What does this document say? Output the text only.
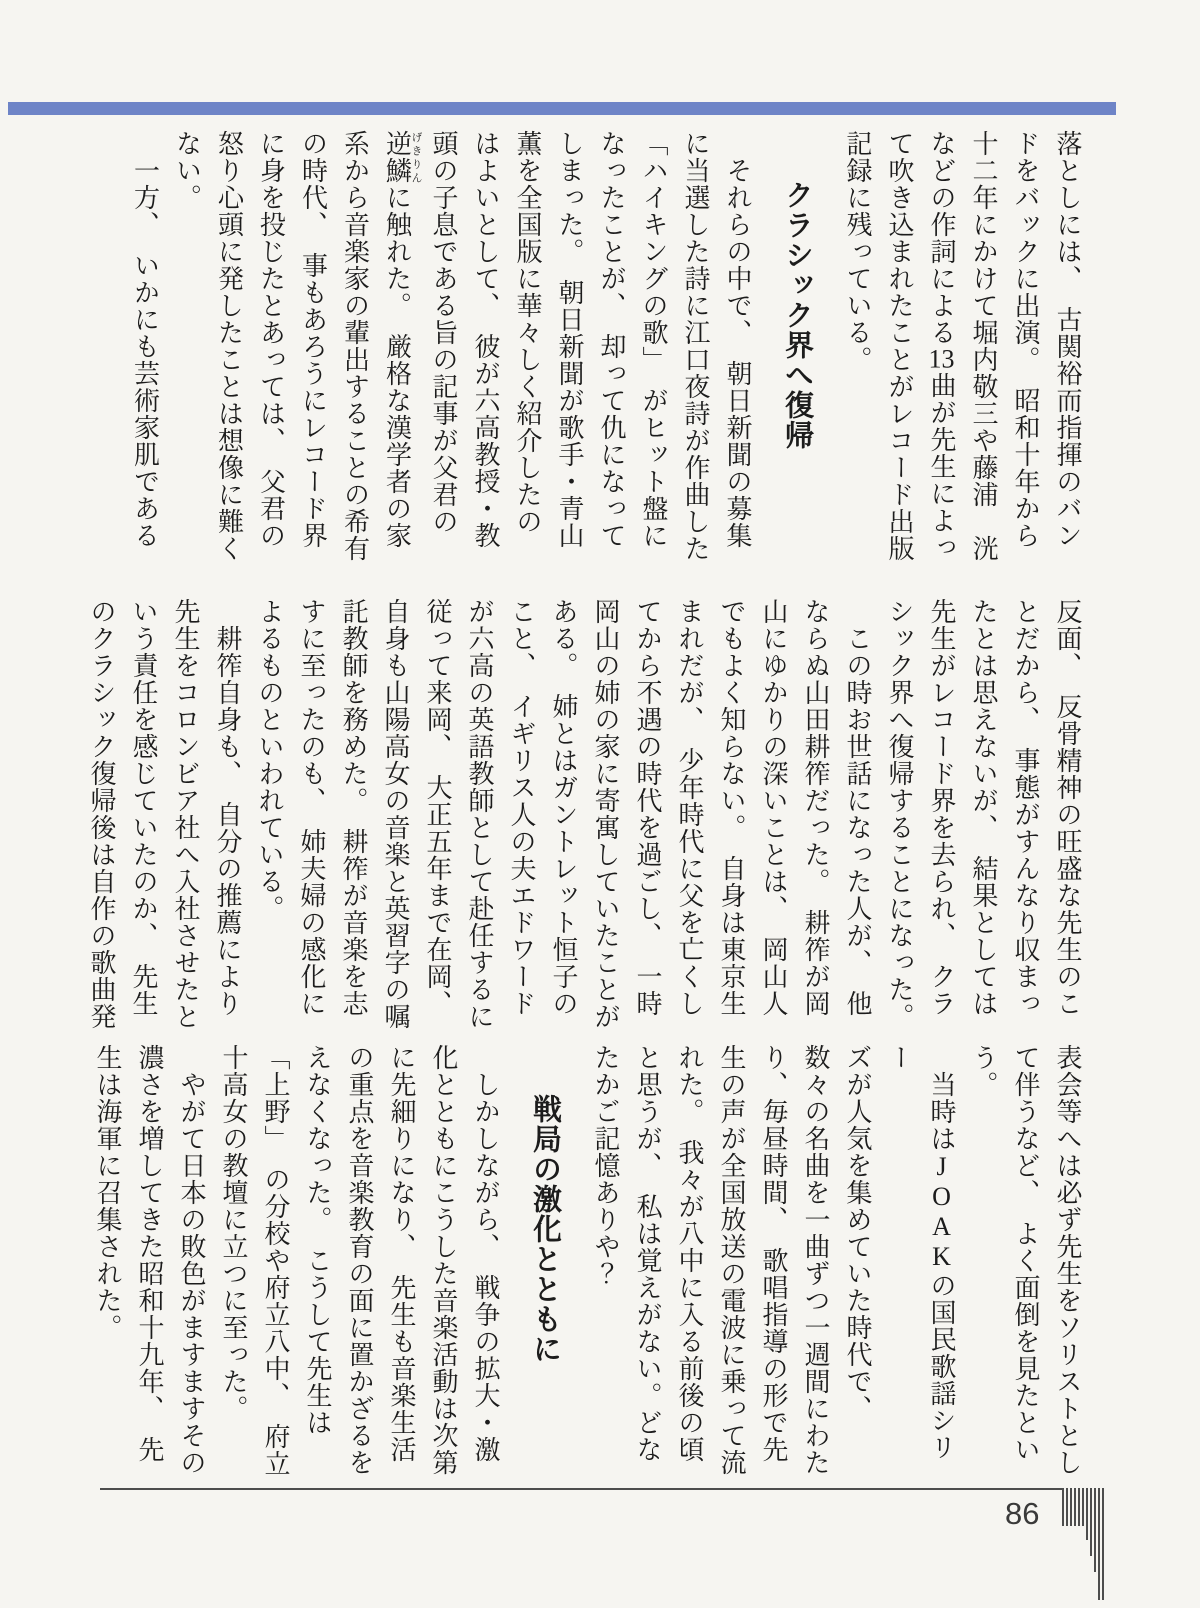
落としには、　古関裕而指揮のバン

ドをバックに出演。　昭和十年から

十二年にかけて堀内敬三や藤浦　洸

などの作詞による13曲が先生によっ

て吹き込まれたことがレコード出版

記録に残っている。

クラシック界へ復帰

　それらの中で、　朝日新聞の募集

に当選した詩に江口夜詩が作曲した

「ハイキングの歌」　がヒット盤に

なったことが、　却って仇になって

しまった。　朝日新聞が歌手・青山

薫を全国版に華々しく紹介したの

はよいとして、　彼が六高教授・教

頭の子息である旨の記事が父君の

逆鱗げきりんに触れた。　厳格な漢学者の家

系から音楽家の輩出することの希有

の時代、　事もあろうにレコード界

に身を投じたとあっては、　父君の

怒り心頭に発したことは想像に難く

ない。

　一方、　いかにも芸術家肌である

反面、　反骨精神の旺盛な先生のこ

とだから、　事態がすんなり収まっ

たとは思えないが、　結果としては

先生がレコード界を去られ、　クラ

シック界へ復帰することになった。

　この時お世話になった人が、　他

ならぬ山田耕筰だった。　耕筰が岡

山にゆかりの深いことは、　岡山人

でもよく知らない。　自身は東京生

まれだが、　少年時代に父を亡くし

てから不遇の時代を過ごし、　一時

岡山の姉の家に寄寓していたことが

ある。　姉とはガントレット恒子の

こと、　イギリス人の夫エドワード

が六高の英語教師として赴任するに

従って来岡、　大正五年まで在岡、

自身も山陽高女の音楽と英習字の嘱

託教師を務めた。　耕筰が音楽を志

すに至ったのも、　姉夫婦の感化に

よるものといわれている。

　耕筰自身も、　自分の推薦により

先生をコロンビア社へ入社させたと

いう責任を感じていたのか、　先生

のクラシック復帰後は自作の歌曲発

表会等へは必ず先生をソリストとし

て伴うなど、　よく面倒を見たとい

う。

　当時はJOAKの国民歌謡シリー

ズが人気を集めていた時代で、

数々の名曲を一曲ずつ一週間にわた

り、毎昼時間、　歌唱指導の形で先

生の声が全国放送の電波に乗って流

れた。　我々が八中に入る前後の頃

と思うが、　私は覚えがない。どな

たかご記憶ありや？

戦局の激化とともに

　しかしながら、　戦争の拡大・激

化とともにこうした音楽活動は次第

に先細りになり、　先生も音楽生活

の重点を音楽教育の面に置かざるを

えなくなった。　こうして先生は

「上野」　の分校や府立八中、　府立

十高女の教壇に立つに至った。

　やがて日本の敗色がますますその

濃さを増してきた昭和十九年、　先

生は海軍に召集された。

86
